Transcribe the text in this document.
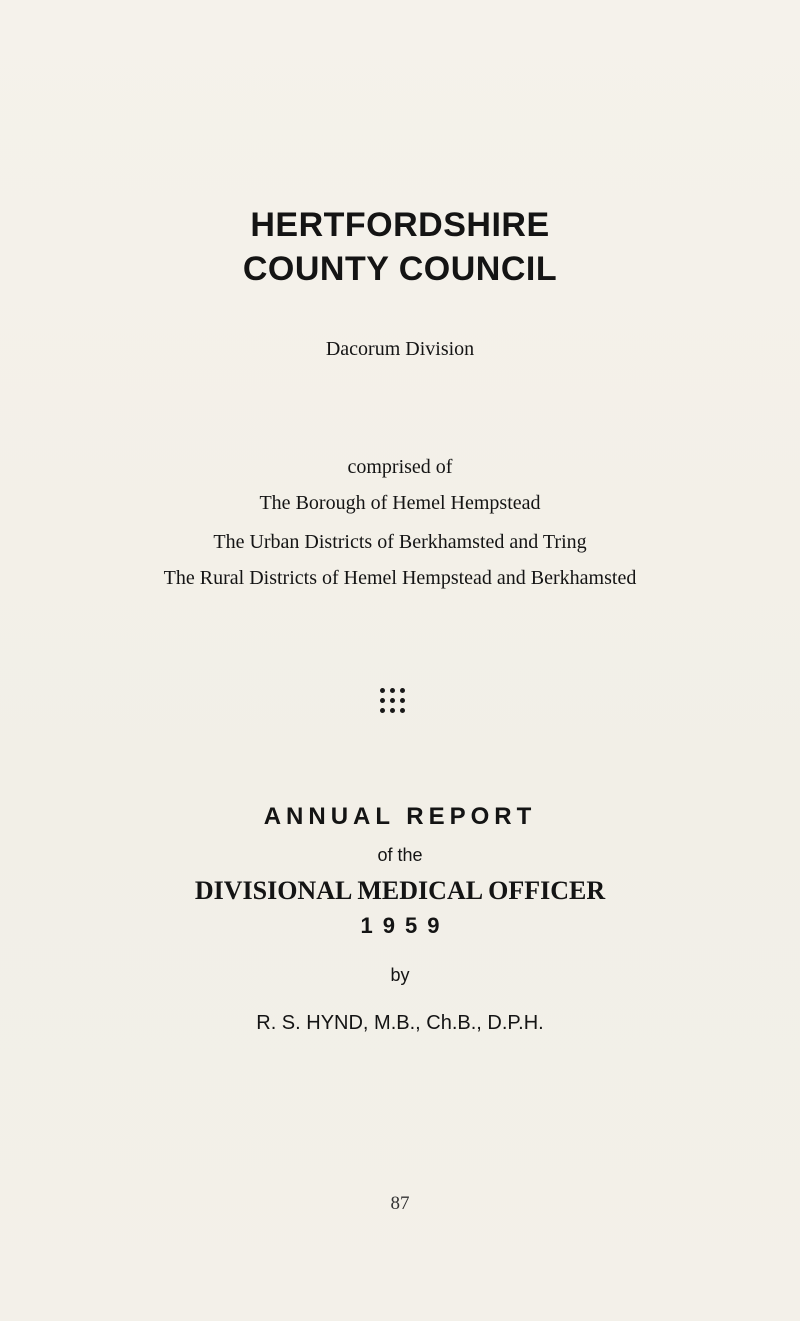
HERTFORDSHIRE
COUNTY COUNCIL
Dacorum Division
comprised of
The Borough of Hemel Hempstead
The Urban Districts of Berkhamsted and Tring
The Rural Districts of Hemel Hempstead and Berkhamsted
ANNUAL REPORT
of the
DIVISIONAL MEDICAL OFFICER
1959
by
R. S. HYND, M.B., Ch.B., D.P.H.
87
